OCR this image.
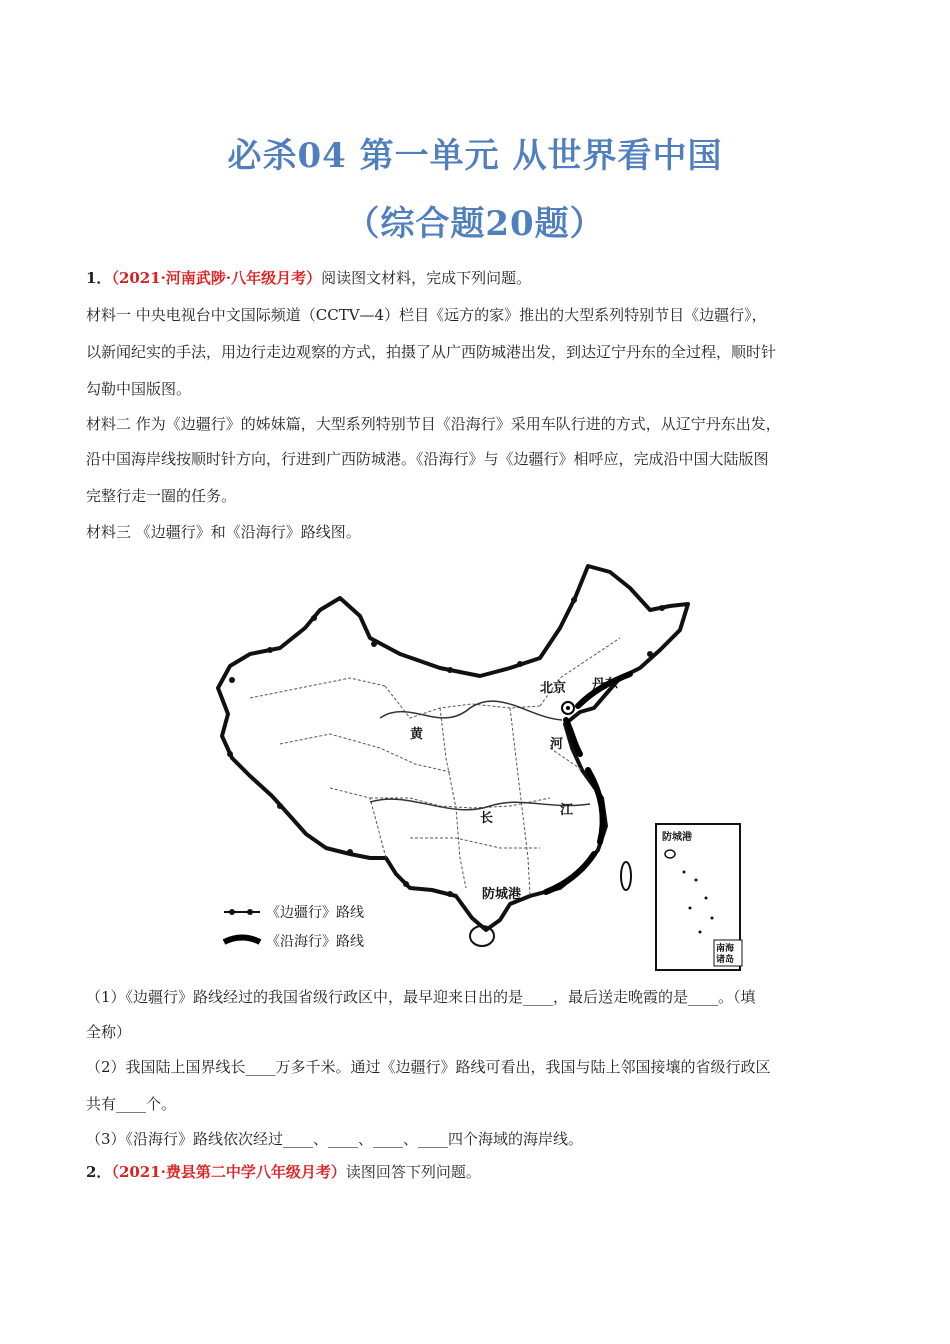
必杀04 第一单元 从世界看中国
（综合题20题）
1．（2021·河南武陟·八年级月考）阅读图文材料，完成下列问题。
材料一 中央电视台中文国际频道（CCTV—4）栏目《远方的家》推出的大型系列特别节目《边疆行》，
以新闻纪实的手法，用边行走边观察的方式，拍摄了从广西防城港出发，到达辽宁丹东的全过程，顺时针
勾勒中国版图。
材料二 作为《边疆行》的姊妹篇，大型系列特别节目《沿海行》采用车队行进的方式，从辽宁丹东出发，
沿中国海岸线按顺时针方向，行进到广西防城港。《沿海行》与《边疆行》相呼应，完成沿中国大陆版图
完整行走一圈的任务。
材料三 《边疆行》和《沿海行》路线图。
北京 丹东
防城港
黄
河
长
江
防城港
南海
诸岛
《边疆行》路线
《沿海行》路线
（1）《边疆行》路线经过的我国省级行政区中，最早迎来日出的是____，最后送走晚霞的是____。（填
全称）
（2）我国陆上国界线长____万多千米。通过《边疆行》路线可看出，我国与陆上邻国接壤的省级行政区
共有____个。
（3）《沿海行》路线依次经过____、____、____、____四个海域的海岸线。
2．（2021·费县第二中学八年级月考）读图回答下列问题。
